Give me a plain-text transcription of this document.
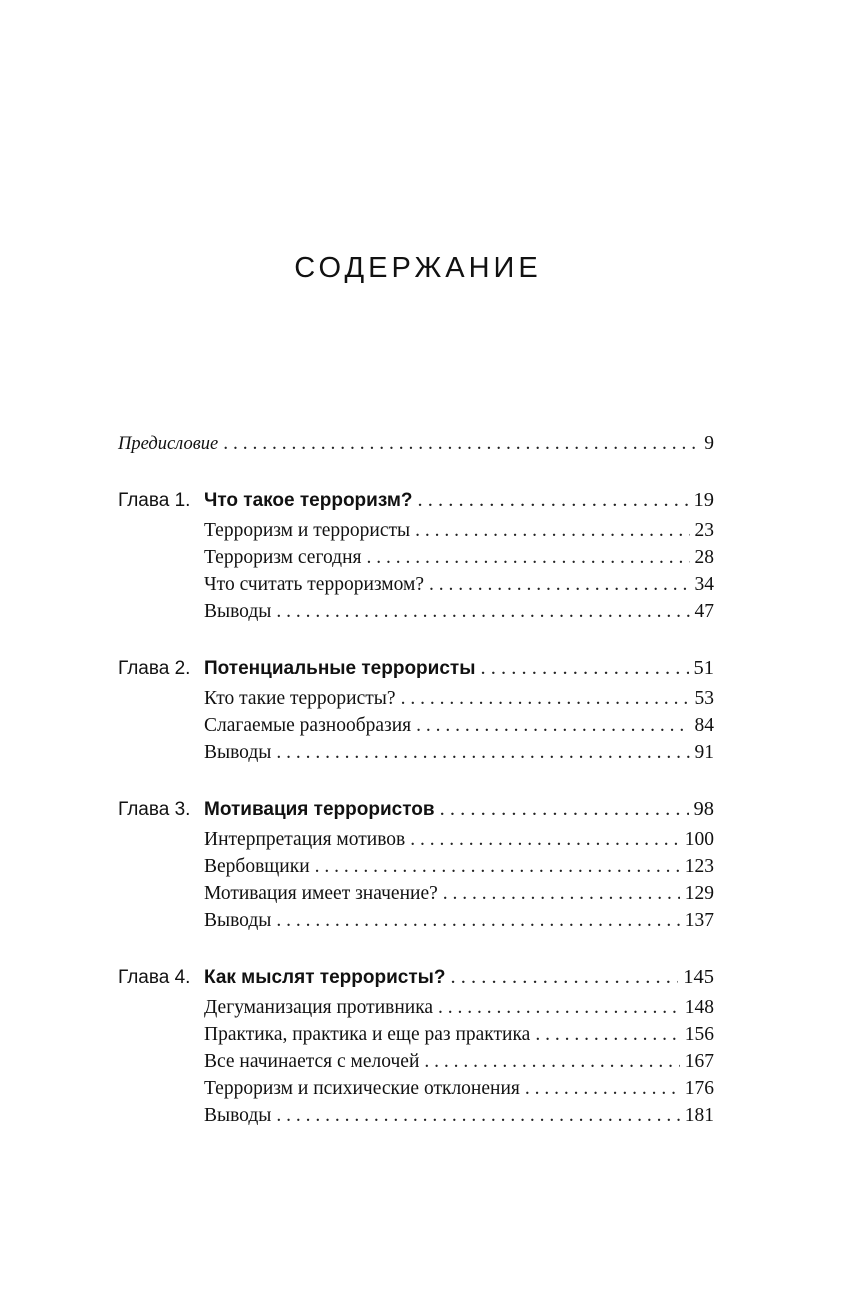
СОДЕРЖАНИЕ
Предисловие . . .	9
Глава 1. Что такое терроризм? . . .	19
Терроризм и террористы . . .	23
Терроризм сегодня . . .	28
Что считать терроризмом? . . .	34
Выводы . . .	47
Глава 2. Потенциальные террористы . . .	51
Кто такие террористы? . . .	53
Слагаемые разнообразия . . .	84
Выводы . . .	91
Глава 3. Мотивация террористов . . .	98
Интерпретация мотивов . . .	100
Вербовщики . . .	123
Мотивация имеет значение? . . .	129
Выводы . . .	137
Глава 4. Как мыслят террористы? . . .	145
Дегуманизация противника . . .	148
Практика, практика и еще раз практика . . .	156
Все начинается с мелочей . . .	167
Терроризм и психические отклонения . . .	176
Выводы . . .	181
